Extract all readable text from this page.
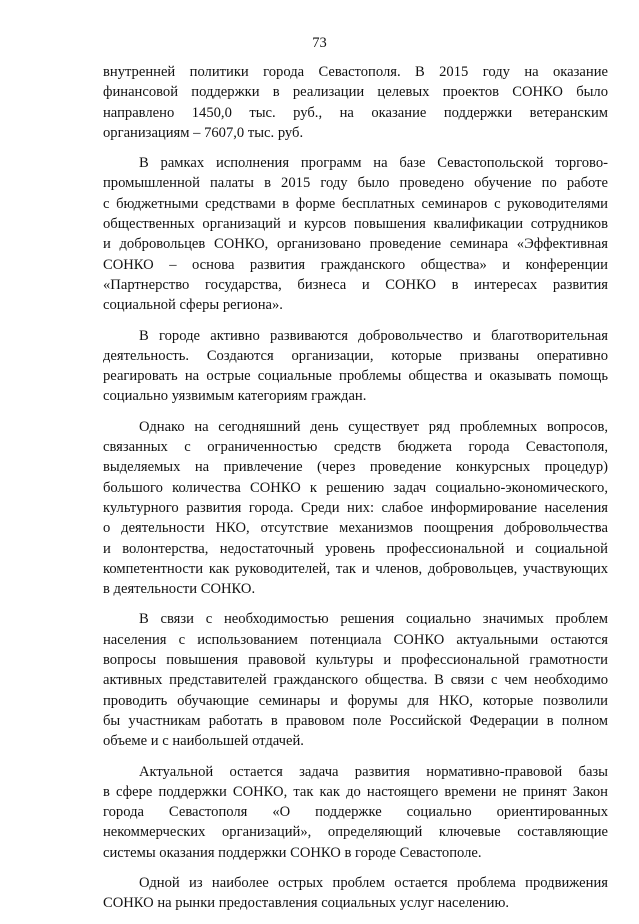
73
внутренней политики города Севастополя. В 2015 году на оказание
финансовой поддержки в реализации целевых проектов СОНКО было
направлено 1450,0 тыс. руб., на оказание поддержки ветеранским
организациям – 7607,0 тыс. руб.
В рамках исполнения программ на базе Севастопольской торгово-
промышленной палаты в 2015 году было проведено обучение по работе
с бюджетными средствами в форме бесплатных семинаров с руководителями
общественных организаций и курсов повышения квалификации сотрудников
и добровольцев СОНКО, организовано проведение семинара «Эффективная
СОНКО – основа развития гражданского общества» и конференции
«Партнерство государства, бизнеса и СОНКО в интересах развития
социальной сферы региона».
В городе активно развиваются добровольчество и благотворительная
деятельность. Создаются организации, которые призваны оперативно
реагировать на острые социальные проблемы общества и оказывать помощь
социально уязвимым категориям граждан.
Однако на сегодняшний день существует ряд проблемных вопросов,
связанных с ограниченностью средств бюджета города Севастополя,
выделяемых на привлечение (через проведение конкурсных процедур)
большого количества СОНКО к решению задач социально-экономического,
культурного развития города. Среди них: слабое информирование населения
о деятельности НКО, отсутствие механизмов поощрения добровольчества
и волонтерства, недостаточный уровень профессиональной и социальной
компетентности как руководителей, так и членов, добровольцев, участвующих
в деятельности СОНКО.
В связи с необходимостью решения социально значимых проблем
населения с использованием потенциала СОНКО актуальными остаются
вопросы повышения правовой культуры и профессиональной грамотности
активных представителей гражданского общества. В связи с чем необходимо
проводить обучающие семинары и форумы для НКО, которые позволили
бы участникам работать в правовом поле Российской Федерации в полном
объеме и с наибольшей отдачей.
Актуальной остается задача развития нормативно-правовой базы
в сфере поддержки СОНКО, так как до настоящего времени не принят Закон
города Севастополя «О поддержке социально ориентированных
некоммерческих организаций», определяющий ключевые составляющие
системы оказания поддержки СОНКО в городе Севастополе.
Одной из наиболее острых проблем остается проблема продвижения
СОНКО на рынки предоставления социальных услуг населению.
